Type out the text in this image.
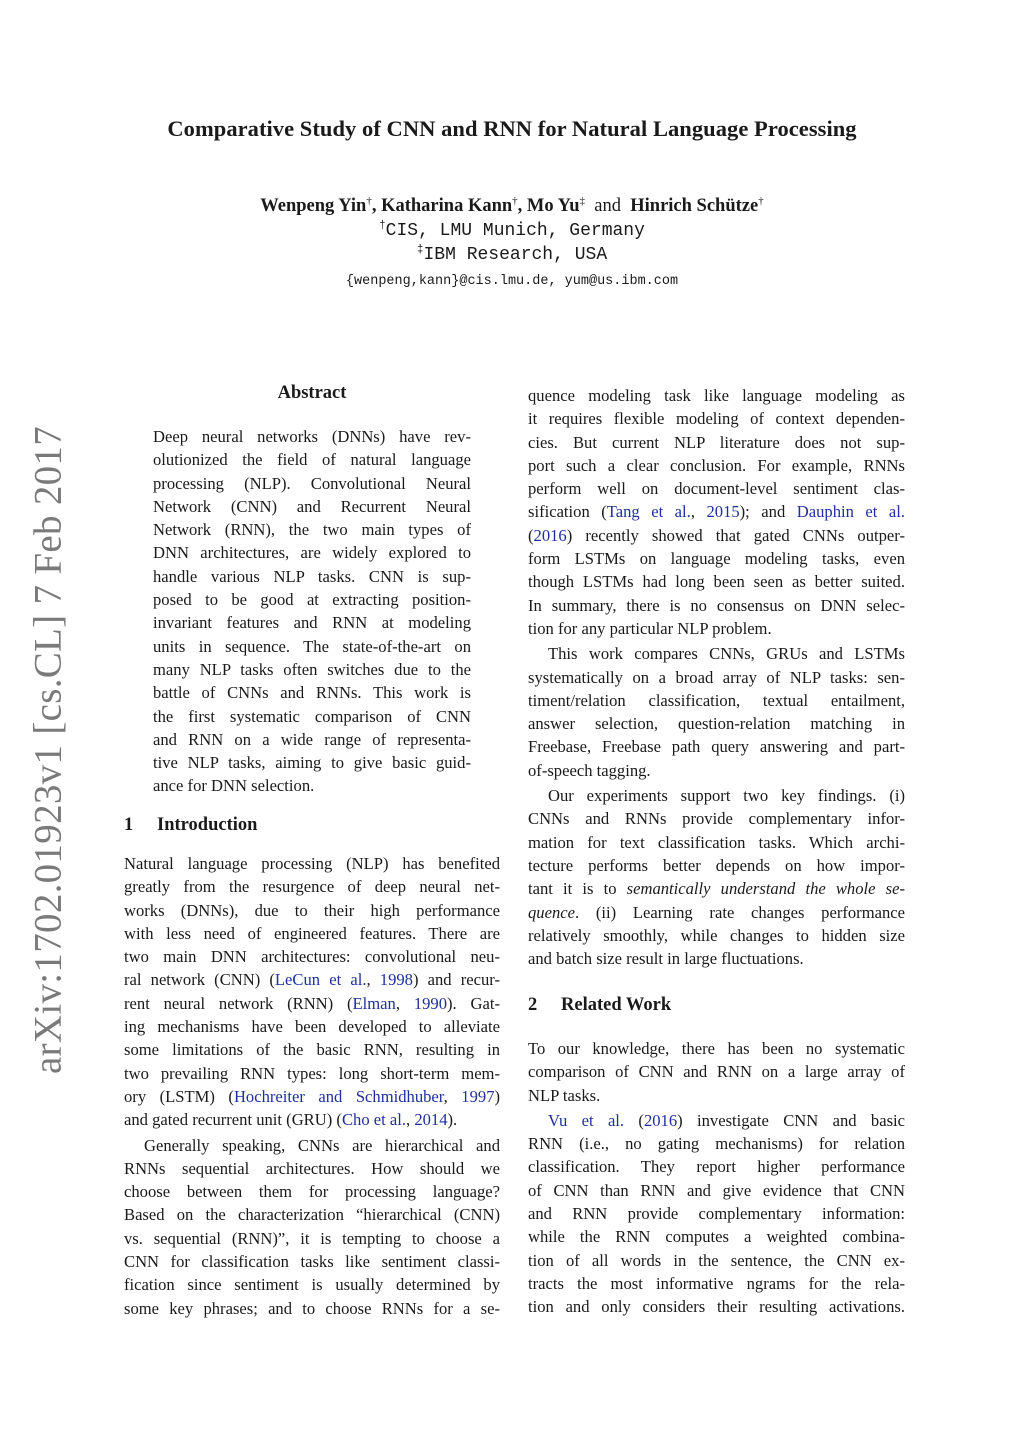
Comparative Study of CNN and RNN for Natural Language Processing
Wenpeng Yin†, Katharina Kann†, Mo Yu‡ and Hinrich Schütze†
†CIS, LMU Munich, Germany
‡IBM Research, USA
{wenpeng,kann}@cis.lmu.de, yum@us.ibm.com
arXiv:1702.01923v1 [cs.CL] 7 Feb 2017
Abstract

Deep neural networks (DNNs) have rev-

olutionized the field of natural language

processing (NLP). Convolutional Neural

Network (CNN) and Recurrent Neural

Network (RNN), the two main types of

DNN architectures, are widely explored to

handle various NLP tasks. CNN is sup-

posed to be good at extracting position-

invariant features and RNN at modeling

units in sequence. The state-of-the-art on

many NLP tasks often switches due to the

battle of CNNs and RNNs. This work is

the first systematic comparison of CNN

and RNN on a wide range of representa-

tive NLP tasks, aiming to give basic guid-

ance for DNN selection.

1 Introduction

Natural language processing (NLP) has benefited

greatly from the resurgence of deep neural net-

works (DNNs), due to their high performance

with less need of engineered features. There are

two main DNN architectures: convolutional neu-

ral network (CNN) (LeCun et al., 1998) and recur-

rent neural network (RNN) (Elman, 1990). Gat-

ing mechanisms have been developed to alleviate

some limitations of the basic RNN, resulting in

two prevailing RNN types: long short-term mem-

ory (LSTM) (Hochreiter and Schmidhuber, 1997)

and gated recurrent unit (GRU) (Cho et al., 2014).

Generally speaking, CNNs are hierarchical and

RNNs sequential architectures. How should we

choose between them for processing language?

Based on the characterization “hierarchical (CNN)

vs. sequential (RNN)”, it is tempting to choose a

CNN for classification tasks like sentiment classi-

fication since sentiment is usually determined by

some key phrases; and to choose RNNs for a se-

quence modeling task like language modeling as

it requires flexible modeling of context dependen-

cies. But current NLP literature does not sup-

port such a clear conclusion. For example, RNNs

perform well on document-level sentiment clas-

sification (Tang et al., 2015); and Dauphin et al.

(2016) recently showed that gated CNNs outper-

form LSTMs on language modeling tasks, even

though LSTMs had long been seen as better suited.

In summary, there is no consensus on DNN selec-

tion for any particular NLP problem.

This work compares CNNs, GRUs and LSTMs

systematically on a broad array of NLP tasks: sen-

timent/relation classification, textual entailment,

answer selection, question-relation matching in

Freebase, Freebase path query answering and part-

of-speech tagging.

Our experiments support two key findings. (i)

CNNs and RNNs provide complementary infor-

mation for text classification tasks. Which archi-

tecture performs better depends on how impor-

tant it is to semantically understand the whole se-

quence. (ii) Learning rate changes performance

relatively smoothly, while changes to hidden size

and batch size result in large fluctuations.

2 Related Work

To our knowledge, there has been no systematic

comparison of CNN and RNN on a large array of

NLP tasks.

Vu et al. (2016) investigate CNN and basic

RNN (i.e., no gating mechanisms) for relation

classification. They report higher performance

of CNN than RNN and give evidence that CNN

and RNN provide complementary information:

while the RNN computes a weighted combina-

tion of all words in the sentence, the CNN ex-

tracts the most informative ngrams for the rela-

tion and only considers their resulting activations.
